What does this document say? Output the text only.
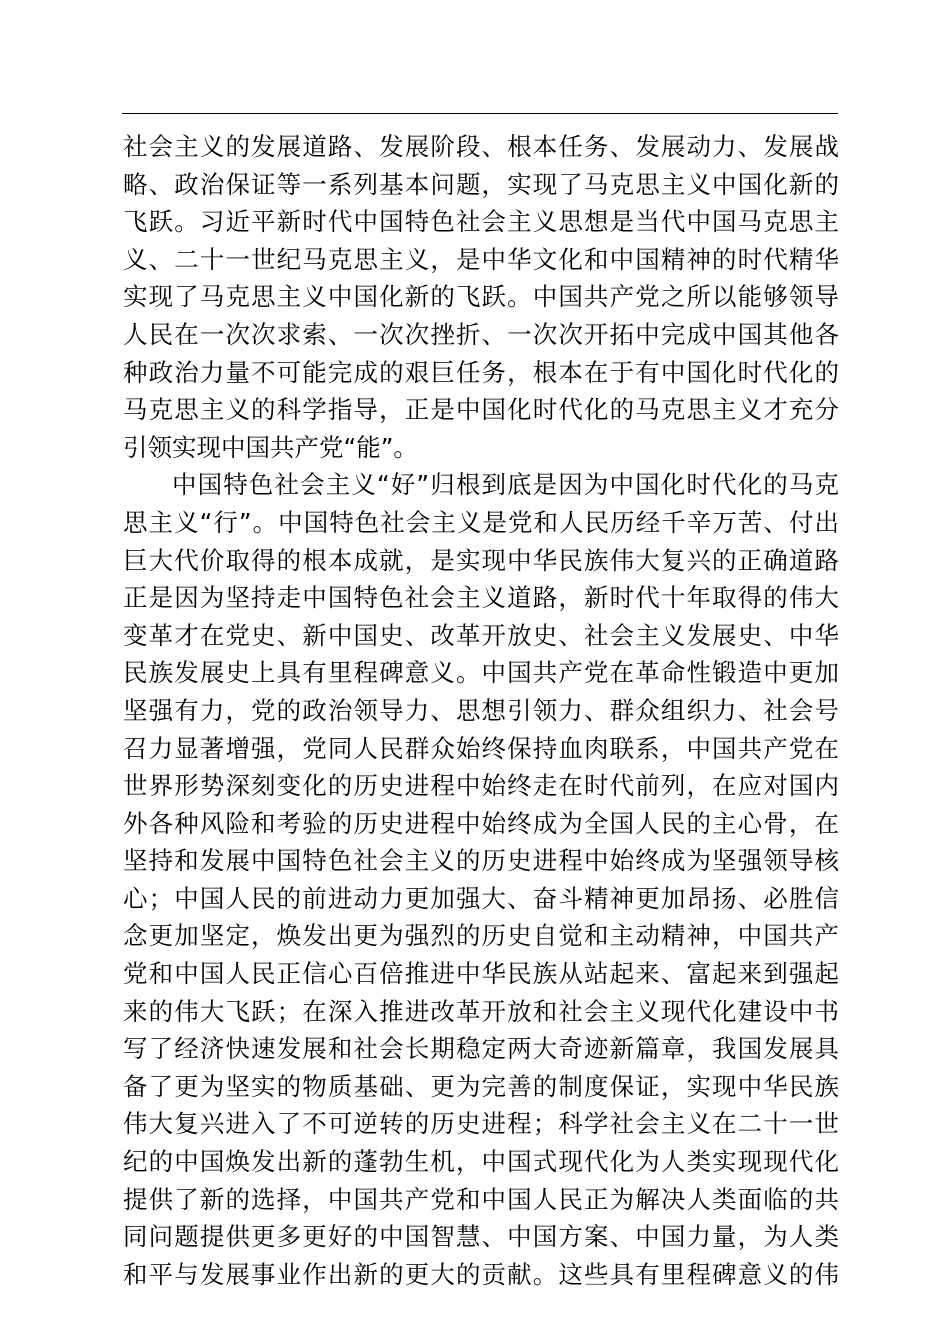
社会主义的发展道路、发展阶段、根本任务、发展动力、发展战
略、政治保证等一系列基本问题，实现了马克思主义中国化新的
飞跃。习近平新时代中国特色社会主义思想是当代中国马克思主
义、二十一世纪马克思主义，是中华文化和中国精神的时代精华
实现了马克思主义中国化新的飞跃。中国共产党之所以能够领导
人民在一次次求索、一次次挫折、一次次开拓中完成中国其他各
种政治力量不可能完成的艰巨任务，根本在于有中国化时代化的
马克思主义的科学指导，正是中国化时代化的马克思主义才充分
引领实现中国共产党“能”。
中国特色社会主义“好”归根到底是因为中国化时代化的马克
思主义“行”。中国特色社会主义是党和人民历经千辛万苦、付出
巨大代价取得的根本成就，是实现中华民族伟大复兴的正确道路
正是因为坚持走中国特色社会主义道路，新时代十年取得的伟大
变革才在党史、新中国史、改革开放史、社会主义发展史、中华
民族发展史上具有里程碑意义。中国共产党在革命性锻造中更加
坚强有力，党的政治领导力、思想引领力、群众组织力、社会号
召力显著增强，党同人民群众始终保持血肉联系，中国共产党在
世界形势深刻变化的历史进程中始终走在时代前列，在应对国内
外各种风险和考验的历史进程中始终成为全国人民的主心骨，在
坚持和发展中国特色社会主义的历史进程中始终成为坚强领导核
心；中国人民的前进动力更加强大、奋斗精神更加昂扬、必胜信
念更加坚定，焕发出更为强烈的历史自觉和主动精神，中国共产
党和中国人民正信心百倍推进中华民族从站起来、富起来到强起
来的伟大飞跃；在深入推进改革开放和社会主义现代化建设中书
写了经济快速发展和社会长期稳定两大奇迹新篇章，我国发展具
备了更为坚实的物质基础、更为完善的制度保证，实现中华民族
伟大复兴进入了不可逆转的历史进程；科学社会主义在二十一世
纪的中国焕发出新的蓬勃生机，中国式现代化为人类实现现代化
提供了新的选择，中国共产党和中国人民正为解决人类面临的共
同问题提供更多更好的中国智慧、中国方案、中国力量，为人类
和平与发展事业作出新的更大的贡献。这些具有里程碑意义的伟
